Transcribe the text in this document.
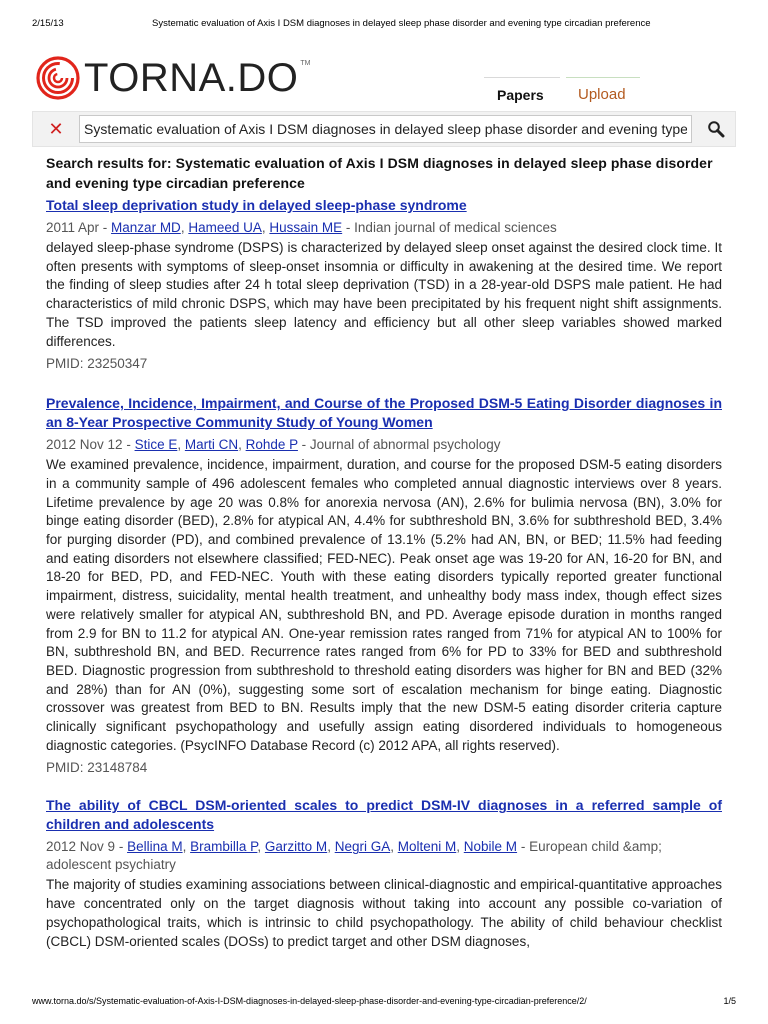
2/15/13	Systematic evaluation of Axis I DSM diagnoses in delayed sleep phase disorder and evening type circadian preference
TORNA.DO TM
Papers Upload
✕
Systematic evaluation of Axis I DSM diagnoses in delayed sleep phase disorder and evening type circadian preference
Search results for: Systematic evaluation of Axis I DSM diagnoses in delayed sleep phase disorder and evening type circadian preference
Total sleep deprivation study in delayed sleep-phase syndrome
2011 Apr - Manzar MD, Hameed UA, Hussain ME - Indian journal of medical sciences
delayed sleep-phase syndrome (DSPS) is characterized by delayed sleep onset against the desired clock time. It often presents with symptoms of sleep-onset insomnia or difficulty in awakening at the desired time. We report the finding of sleep studies after 24 h total sleep deprivation (TSD) in a 28-year-old DSPS male patient. He had characteristics of mild chronic DSPS, which may have been precipitated by his frequent night shift assignments. The TSD improved the patients sleep latency and efficiency but all other sleep variables showed marked differences.
PMID: 23250347
Prevalence, Incidence, Impairment, and Course of the Proposed DSM-5 Eating Disorder diagnoses in an 8-Year Prospective Community Study of Young Women
2012 Nov 12 - Stice E, Marti CN, Rohde P - Journal of abnormal psychology
We examined prevalence, incidence, impairment, duration, and course for the proposed DSM-5 eating disorders in a community sample of 496 adolescent females who completed annual diagnostic interviews over 8 years. Lifetime prevalence by age 20 was 0.8% for anorexia nervosa (AN), 2.6% for bulimia nervosa (BN), 3.0% for binge eating disorder (BED), 2.8% for atypical AN, 4.4% for subthreshold BN, 3.6% for subthreshold BED, 3.4% for purging disorder (PD), and combined prevalence of 13.1% (5.2% had AN, BN, or BED; 11.5% had feeding and eating disorders not elsewhere classified; FED-NEC). Peak onset age was 19-20 for AN, 16-20 for BN, and 18-20 for BED, PD, and FED-NEC. Youth with these eating disorders typically reported greater functional impairment, distress, suicidality, mental health treatment, and unhealthy body mass index, though effect sizes were relatively smaller for atypical AN, subthreshold BN, and PD. Average episode duration in months ranged from 2.9 for BN to 11.2 for atypical AN. One-year remission rates ranged from 71% for atypical AN to 100% for BN, subthreshold BN, and BED. Recurrence rates ranged from 6% for PD to 33% for BED and subthreshold BED. Diagnostic progression from subthreshold to threshold eating disorders was higher for BN and BED (32% and 28%) than for AN (0%), suggesting some sort of escalation mechanism for binge eating. Diagnostic crossover was greatest from BED to BN. Results imply that the new DSM-5 eating disorder criteria capture clinically significant psychopathology and usefully assign eating disordered individuals to homogeneous diagnostic categories. (PsycINFO Database Record (c) 2012 APA, all rights reserved).
PMID: 23148784
The ability of CBCL DSM-oriented scales to predict DSM-IV diagnoses in a referred sample of children and adolescents
2012 Nov 9 - Bellina M, Brambilla P, Garzitto M, Negri GA, Molteni M, Nobile M - European child &amp; adolescent psychiatry
The majority of studies examining associations between clinical-diagnostic and empirical-quantitative approaches have concentrated only on the target diagnosis without taking into account any possible co-variation of psychopathological traits, which is intrinsic to child psychopathology. The ability of child behaviour checklist (CBCL) DSM-oriented scales (DOSs) to predict target and other DSM diagnoses,
www.torna.do/s/Systematic-evaluation-of-Axis-I-DSM-diagnoses-in-delayed-sleep-phase-disorder-and-evening-type-circadian-preference/2/	1/5
